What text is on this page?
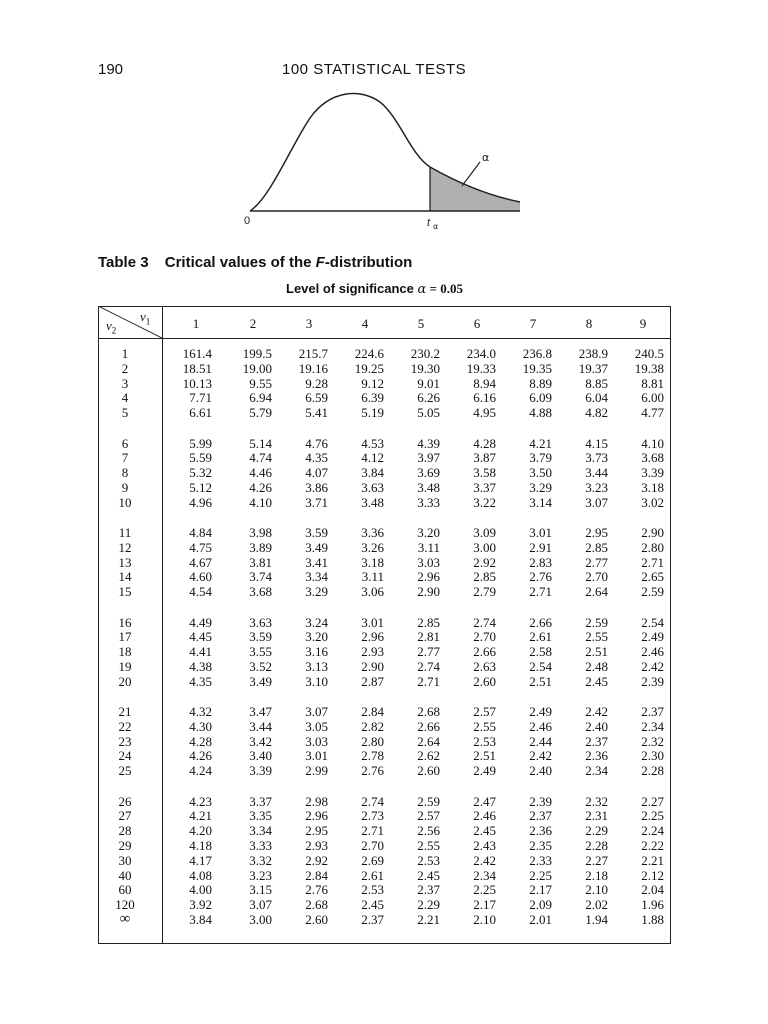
190	100 STATISTICAL TESTS
α
0	t α
Table 3 Critical values of the F-distribution
Level of significance α = 0.05
$\nu_1$
$\nu_2$	1	2	3	4	5	6	7	8	9
1	161.4	199.5	215.7	224.6	230.2	234.0	236.8	238.9	240.5
2	18.51	19.00	19.16	19.25	19.30	19.33	19.35	19.37	19.38
3	10.13	9.55	9.28	9.12	9.01	8.94	8.89	8.85	8.81
4	7.71	6.94	6.59	6.39	6.26	6.16	6.09	6.04	6.00
5	6.61	5.79	5.41	5.19	5.05	4.95	4.88	4.82	4.77
6	5.99	5.14	4.76	4.53	4.39	4.28	4.21	4.15	4.10
7	5.59	4.74	4.35	4.12	3.97	3.87	3.79	3.73	3.68
8	5.32	4.46	4.07	3.84	3.69	3.58	3.50	3.44	3.39
9	5.12	4.26	3.86	3.63	3.48	3.37	3.29	3.23	3.18
10	4.96	4.10	3.71	3.48	3.33	3.22	3.14	3.07	3.02
11	4.84	3.98	3.59	3.36	3.20	3.09	3.01	2.95	2.90
12	4.75	3.89	3.49	3.26	3.11	3.00	2.91	2.85	2.80
13	4.67	3.81	3.41	3.18	3.03	2.92	2.83	2.77	2.71
14	4.60	3.74	3.34	3.11	2.96	2.85	2.76	2.70	2.65
15	4.54	3.68	3.29	3.06	2.90	2.79	2.71	2.64	2.59
16	4.49	3.63	3.24	3.01	2.85	2.74	2.66	2.59	2.54
17	4.45	3.59	3.20	2.96	2.81	2.70	2.61	2.55	2.49
18	4.41	3.55	3.16	2.93	2.77	2.66	2.58	2.51	2.46
19	4.38	3.52	3.13	2.90	2.74	2.63	2.54	2.48	2.42
20	4.35	3.49	3.10	2.87	2.71	2.60	2.51	2.45	2.39
21	4.32	3.47	3.07	2.84	2.68	2.57	2.49	2.42	2.37
22	4.30	3.44	3.05	2.82	2.66	2.55	2.46	2.40	2.34
23	4.28	3.42	3.03	2.80	2.64	2.53	2.44	2.37	2.32
24	4.26	3.40	3.01	2.78	2.62	2.51	2.42	2.36	2.30
25	4.24	3.39	2.99	2.76	2.60	2.49	2.40	2.34	2.28
26	4.23	3.37	2.98	2.74	2.59	2.47	2.39	2.32	2.27
27	4.21	3.35	2.96	2.73	2.57	2.46	2.37	2.31	2.25
28	4.20	3.34	2.95	2.71	2.56	2.45	2.36	2.29	2.24
29	4.18	3.33	2.93	2.70	2.55	2.43	2.35	2.28	2.22
30	4.17	3.32	2.92	2.69	2.53	2.42	2.33	2.27	2.21
40	4.08	3.23	2.84	2.61	2.45	2.34	2.25	2.18	2.12
60	4.00	3.15	2.76	2.53	2.37	2.25	2.17	2.10	2.04
120	3.92	3.07	2.68	2.45	2.29	2.17	2.09	2.02	1.96
∞	3.84	3.00	2.60	2.37	2.21	2.10	2.01	1.94	1.88
